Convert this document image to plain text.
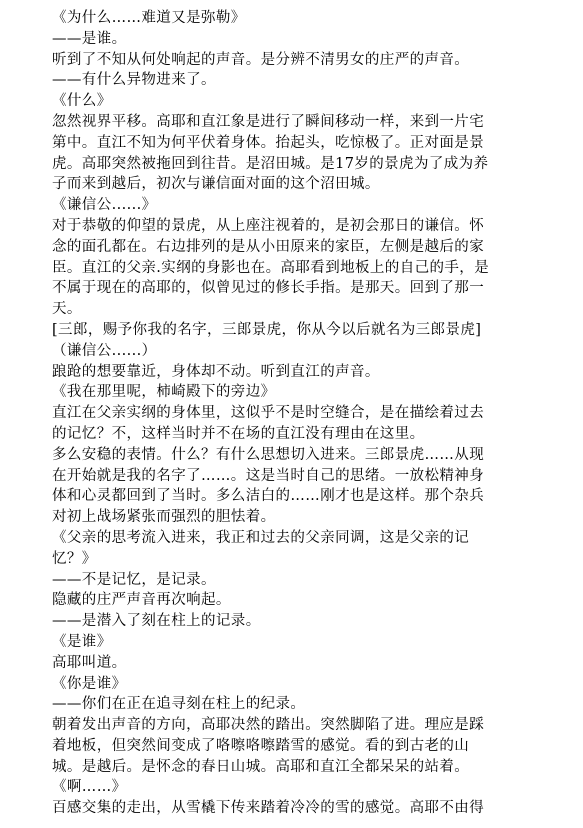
《为什么……难道又是弥勒》
——是谁。
听到了不知从何处响起的声音。是分辨不清男女的庄严的声音。
——有什么异物进来了。
《什么》
忽然视界平移。高耶和直江象是进行了瞬间移动一样，来到一片宅
第中。直江不知为何平伏着身体。抬起头，吃惊极了。正对面是景
虎。高耶突然被拖回到往昔。是沼田城。是17岁的景虎为了成为养
子而来到越后，初次与谦信面对面的这个沼田城。
《谦信公......》
对于恭敬的仰望的景虎，从上座注视着的，是初会那日的谦信。怀
念的面孔都在。右边排列的是从小田原来的家臣，左侧是越后的家
臣。直江的父亲.实纲的身影也在。高耶看到地板上的自己的手，是
不属于现在的高耶的，似曾见过的修长手指。是那天。回到了那一
天。
[三郎，赐予你我的名字，三郎景虎，你从今以后就名为三郎景虎]
（谦信公......）
踉跄的想要靠近，身体却不动。听到直江的声音。
《我在那里呢，柿崎殿下的旁边》
直江在父亲实纲的身体里，这似乎不是时空缝合，是在描绘着过去
的记忆？不，这样当时并不在场的直江没有理由在这里。
多么安稳的表情。什么？有什么思想切入进来。三郎景虎……从现
在开始就是我的名字了……。这是当时自己的思绪。一放松精神身
体和心灵都回到了当时。多么洁白的……刚才也是这样。那个杂兵
对初上战场紧张而强烈的胆怯着。
《父亲的思考流入进来，我正和过去的父亲同调，这是父亲的记
忆？》
——不是记忆，是记录。
隐藏的庄严声音再次响起。
——是潜入了刻在柱上的记录。
《是谁》
高耶叫道。
《你是谁》
——你们在正在追寻刻在柱上的纪录。
朝着发出声音的方向，高耶决然的踏出。突然脚陷了进。理应是踩
着地板，但突然间变成了咯嚓咯嚓踏雪的感觉。看的到古老的山
城。是越后。是怀念的春日山城。高耶和直江全都呆呆的站着。
《啊……》
百感交集的走出，从雪橇下传来踏着冷冷的雪的感觉。高耶不由得
